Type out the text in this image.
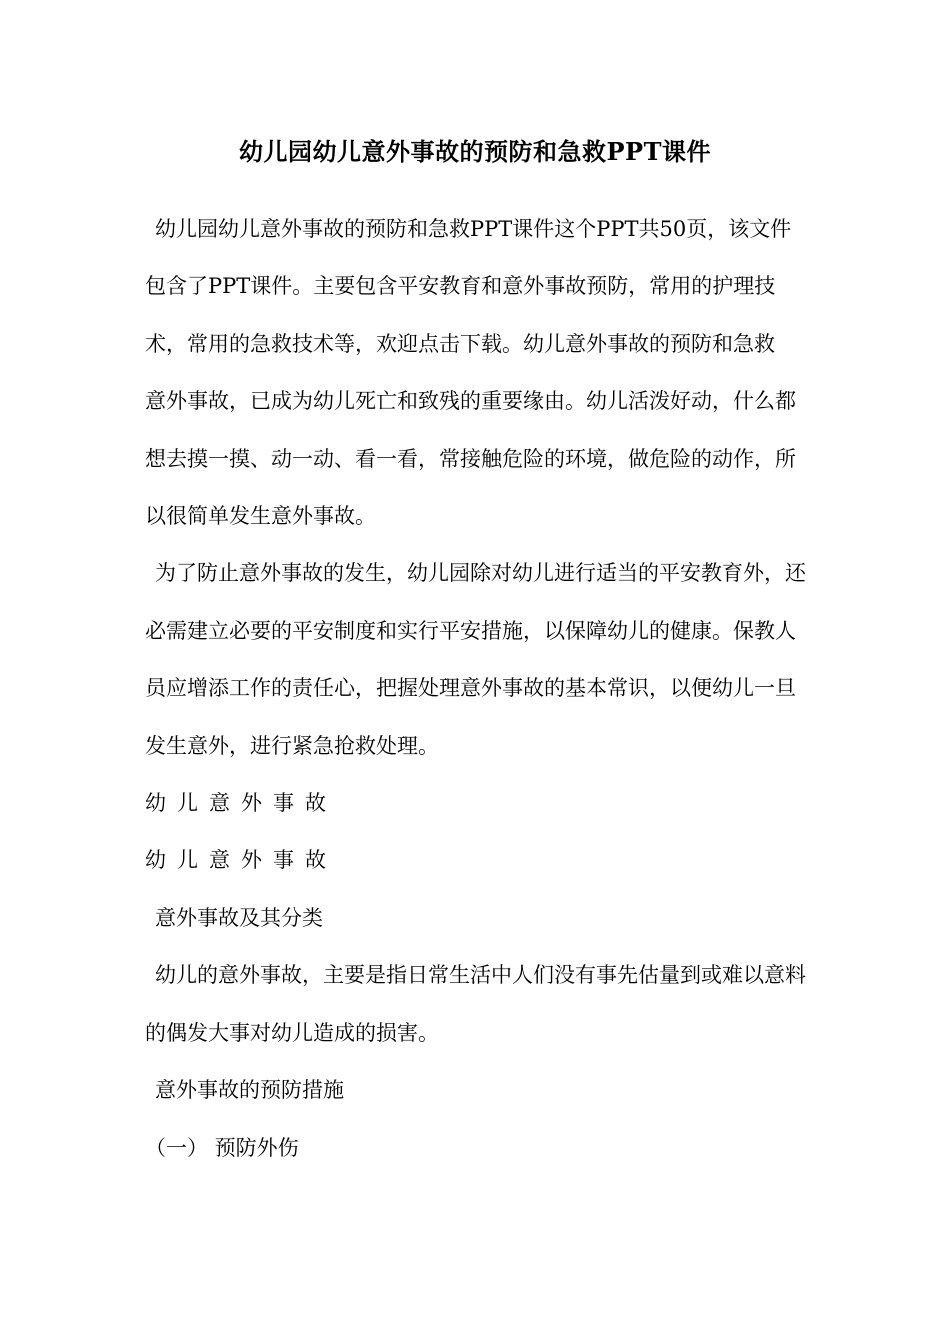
幼儿园幼儿意外事故的预防和急救PPT课件

幼儿园幼儿意外事故的预防和急救PPT课件这个PPT共50页，该文件包含了PPT课件。主要包含平安教育和意外事故预防，常用的护理技术，常用的急救技术等，欢迎点击下载。幼儿意外事故的预防和急救

意外事故，已成为幼儿死亡和致残的重要缘由。幼儿活泼好动，什么都想去摸一摸、动一动、看一看，常接触危险的环境，做危险的动作，所以很简单发生意外事故。

为了防止意外事故的发生，幼儿园除对幼儿进行适当的平安教育外，还必需建立必要的平安制度和实行平安措施，以保障幼儿的健康。保教人员应增添工作的责任心，把握处理意外事故的基本常识，以便幼儿一旦发生意外，进行紧急抢救处理。

幼儿意外事故

幼儿意外事故

意外事故及其分类

幼儿的意外事故，主要是指日常生活中人们没有事先估量到或难以意料的偶发大事对幼儿造成的损害。

意外事故的预防措施

（一） 预防外伤
